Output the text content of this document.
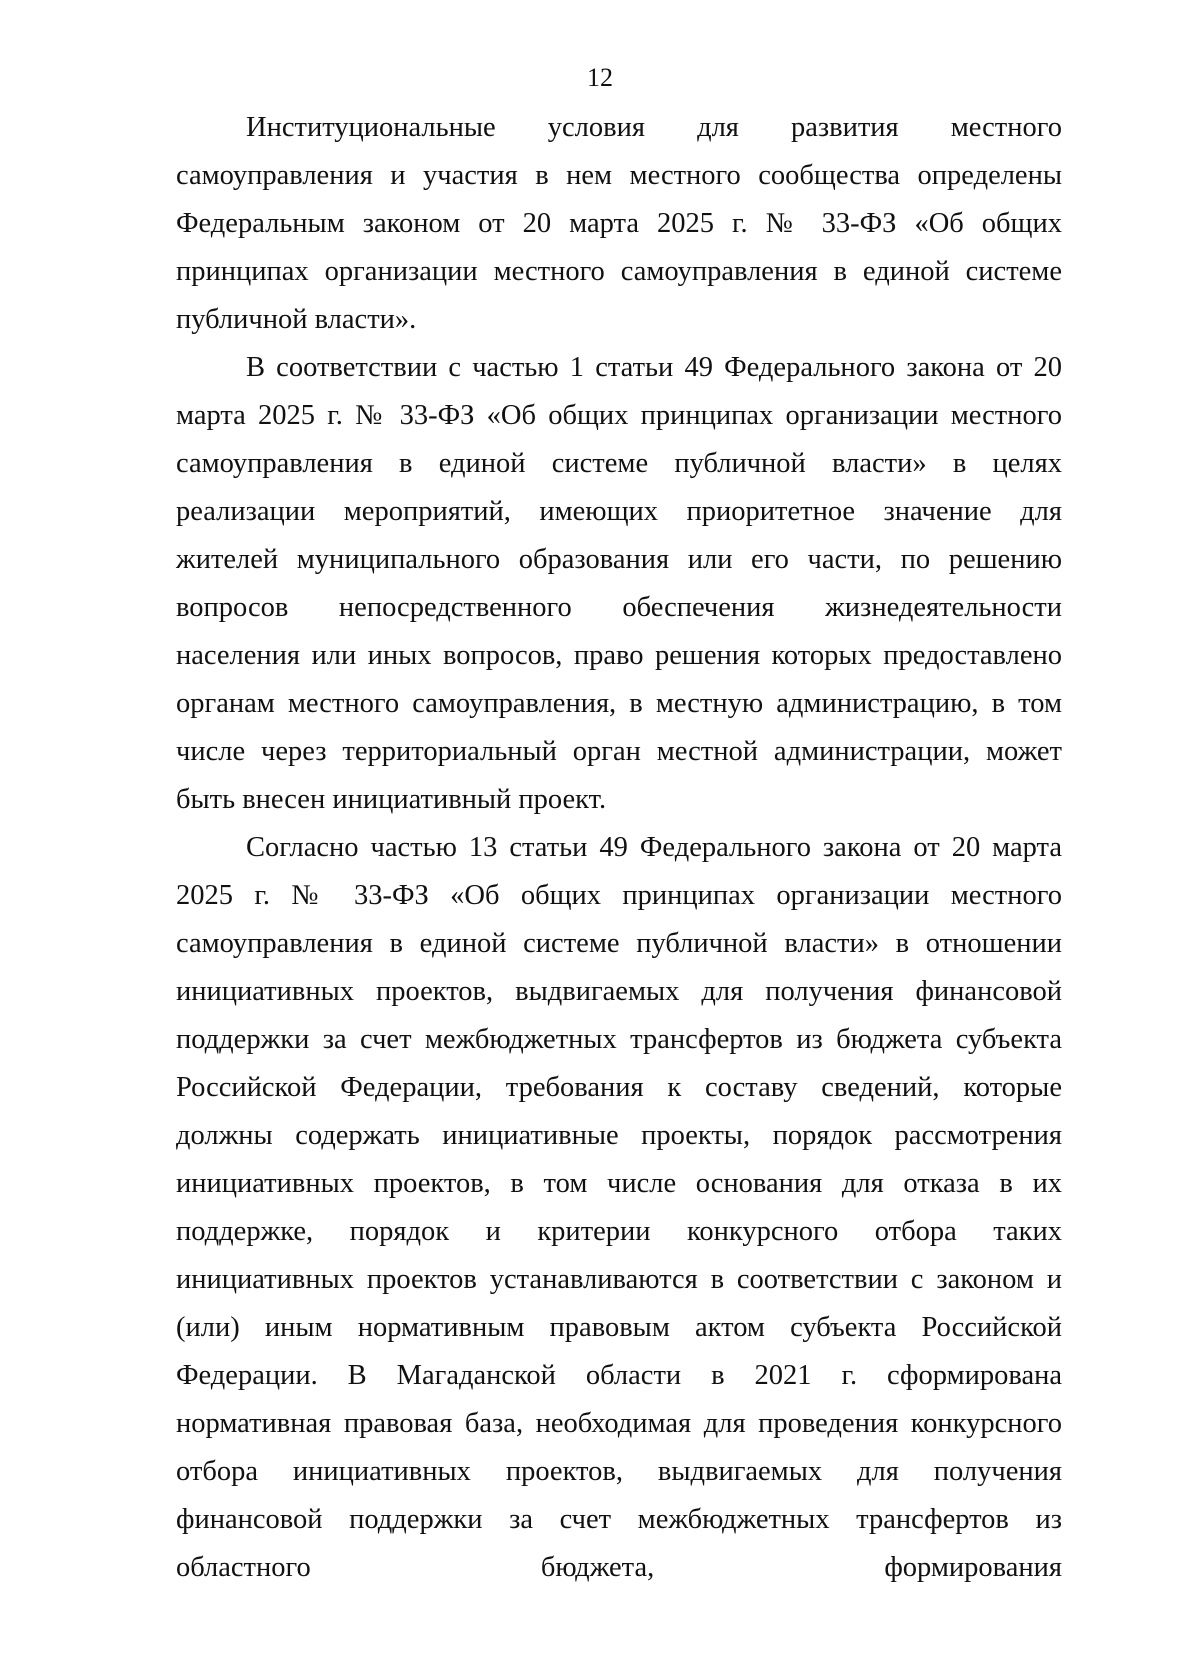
12

Институциональные условия для развития местного самоуправления и участия в нем местного сообщества определены Федеральным законом от 20 марта 2025 г. № 33-ФЗ «Об общих принципах организации местного самоуправления в единой системе публичной власти».

В соответствии с частью 1 статьи 49 Федерального закона от 20 марта 2025 г. № 33-ФЗ «Об общих принципах организации местного самоуправления в единой системе публичной власти» в целях реализации мероприятий, имеющих приоритетное значение для жителей муниципального образования или его части, по решению вопросов непосредственного обеспечения жизнедеятельности населения или иных вопросов, право решения которых предоставлено органам местного самоуправления, в местную администрацию, в том числе через территориальный орган местной администрации, может быть внесен инициативный проект.

Согласно частью 13 статьи 49 Федерального закона от 20 марта 2025 г. № 33-ФЗ «Об общих принципах организации местного самоуправления в единой системе публичной власти» в отношении инициативных проектов, выдвигаемых для получения финансовой поддержки за счет межбюджетных трансфертов из бюджета субъекта Российской Федерации, требования к составу сведений, которые должны содержать инициативные проекты, порядок рассмотрения инициативных проектов, в том числе основания для отказа в их поддержке, порядок и критерии конкурсного отбора таких инициативных проектов устанавливаются в соответствии с законом и (или) иным нормативным правовым актом субъекта Российской Федерации. В Магаданской области в 2021 г. сформирована нормативная правовая база, необходимая для проведения конкурсного отбора инициативных проектов, выдвигаемых для получения финансовой поддержки за счет межбюджетных трансфертов из областного бюджета, формирования
